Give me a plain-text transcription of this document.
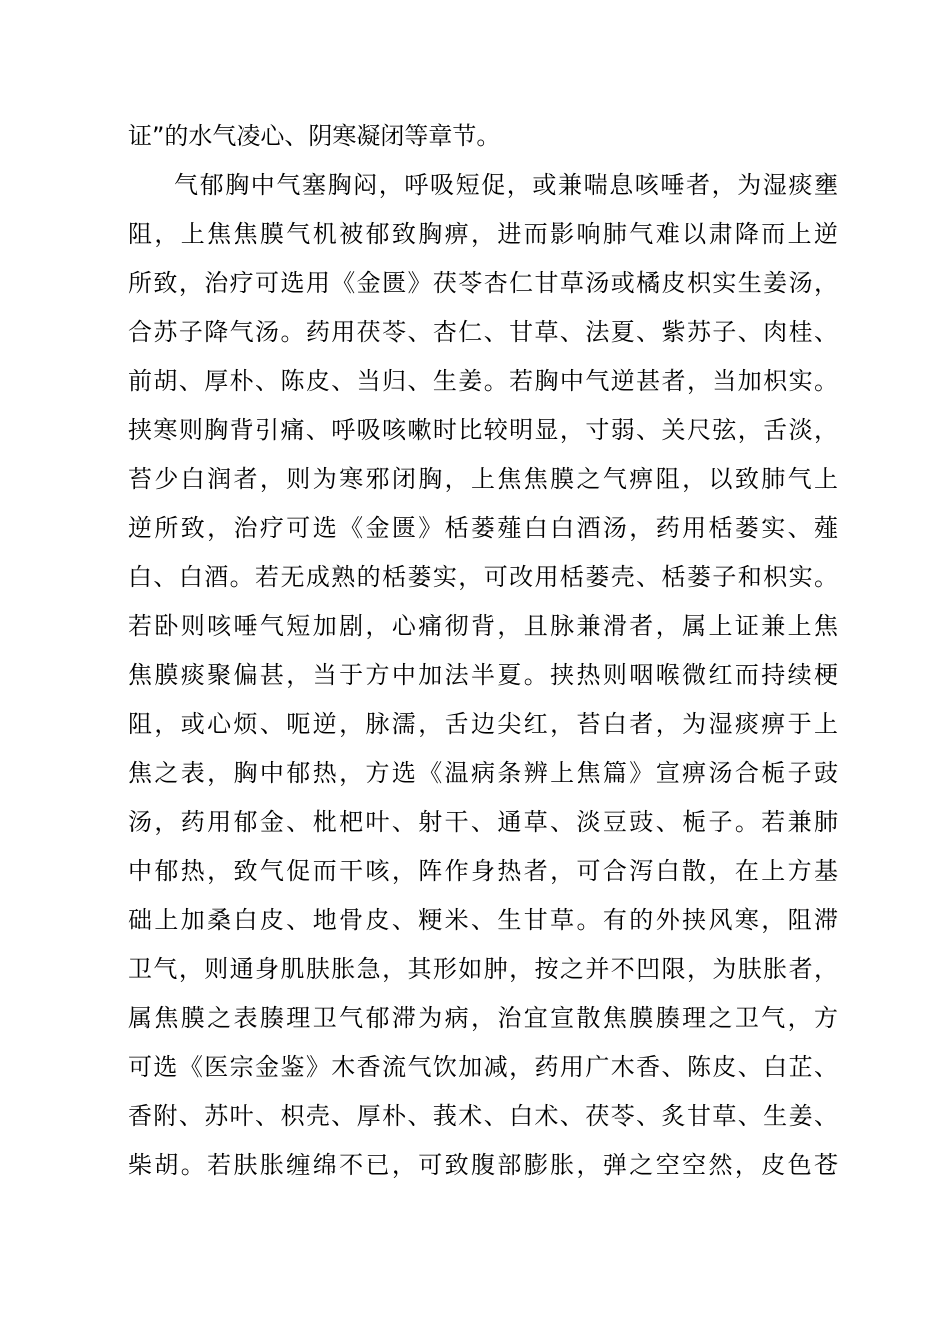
证”的水气凌心、阴寒凝闭等章节。
气郁胸中气塞胸闷，呼吸短促，或兼喘息咳唾者，为湿痰壅
阻，上焦焦膜气机被郁致胸痹，进而影响肺气难以肃降而上逆
所致，治疗可选用《金匮》茯苓杏仁甘草汤或橘皮枳实生姜汤，
合苏子降气汤。药用茯苓、杏仁、甘草、法夏、紫苏子、肉桂、
前胡、厚朴、陈皮、当归、生姜。若胸中气逆甚者，当加枳实。
挟寒则胸背引痛、呼吸咳嗽时比较明显，寸弱、关尺弦，舌淡，
苔少白润者，则为寒邪闭胸，上焦焦膜之气痹阻，以致肺气上
逆所致，治疗可选《金匮》栝蒌薤白白酒汤，药用栝蒌实、薤
白、白酒。若无成熟的栝蒌实，可改用栝蒌壳、栝蒌子和枳实。
若卧则咳唾气短加剧，心痛彻背，且脉兼滑者，属上证兼上焦
焦膜痰聚偏甚，当于方中加法半夏。挟热则咽喉微红而持续梗
阻，或心烦、呃逆，脉濡，舌边尖红，苔白者，为湿痰痹于上
焦之表，胸中郁热，方选《温病条辨上焦篇》宣痹汤合栀子豉
汤，药用郁金、枇杷叶、射干、通草、淡豆豉、栀子。若兼肺
中郁热，致气促而干咳，阵作身热者，可合泻白散，在上方基
础上加桑白皮、地骨皮、粳米、生甘草。有的外挟风寒，阻滞
卫气，则通身肌肤胀急，其形如肿，按之并不凹限，为肤胀者，
属焦膜之表腠理卫气郁滞为病，治宜宣散焦膜腠理之卫气，方
可选《医宗金鉴》木香流气饮加减，药用广木香、陈皮、白芷、
香附、苏叶、枳壳、厚朴、莪术、白术、茯苓、炙甘草、生姜、
柴胡。若肤胀缠绵不已，可致腹部膨胀，弹之空空然，皮色苍
